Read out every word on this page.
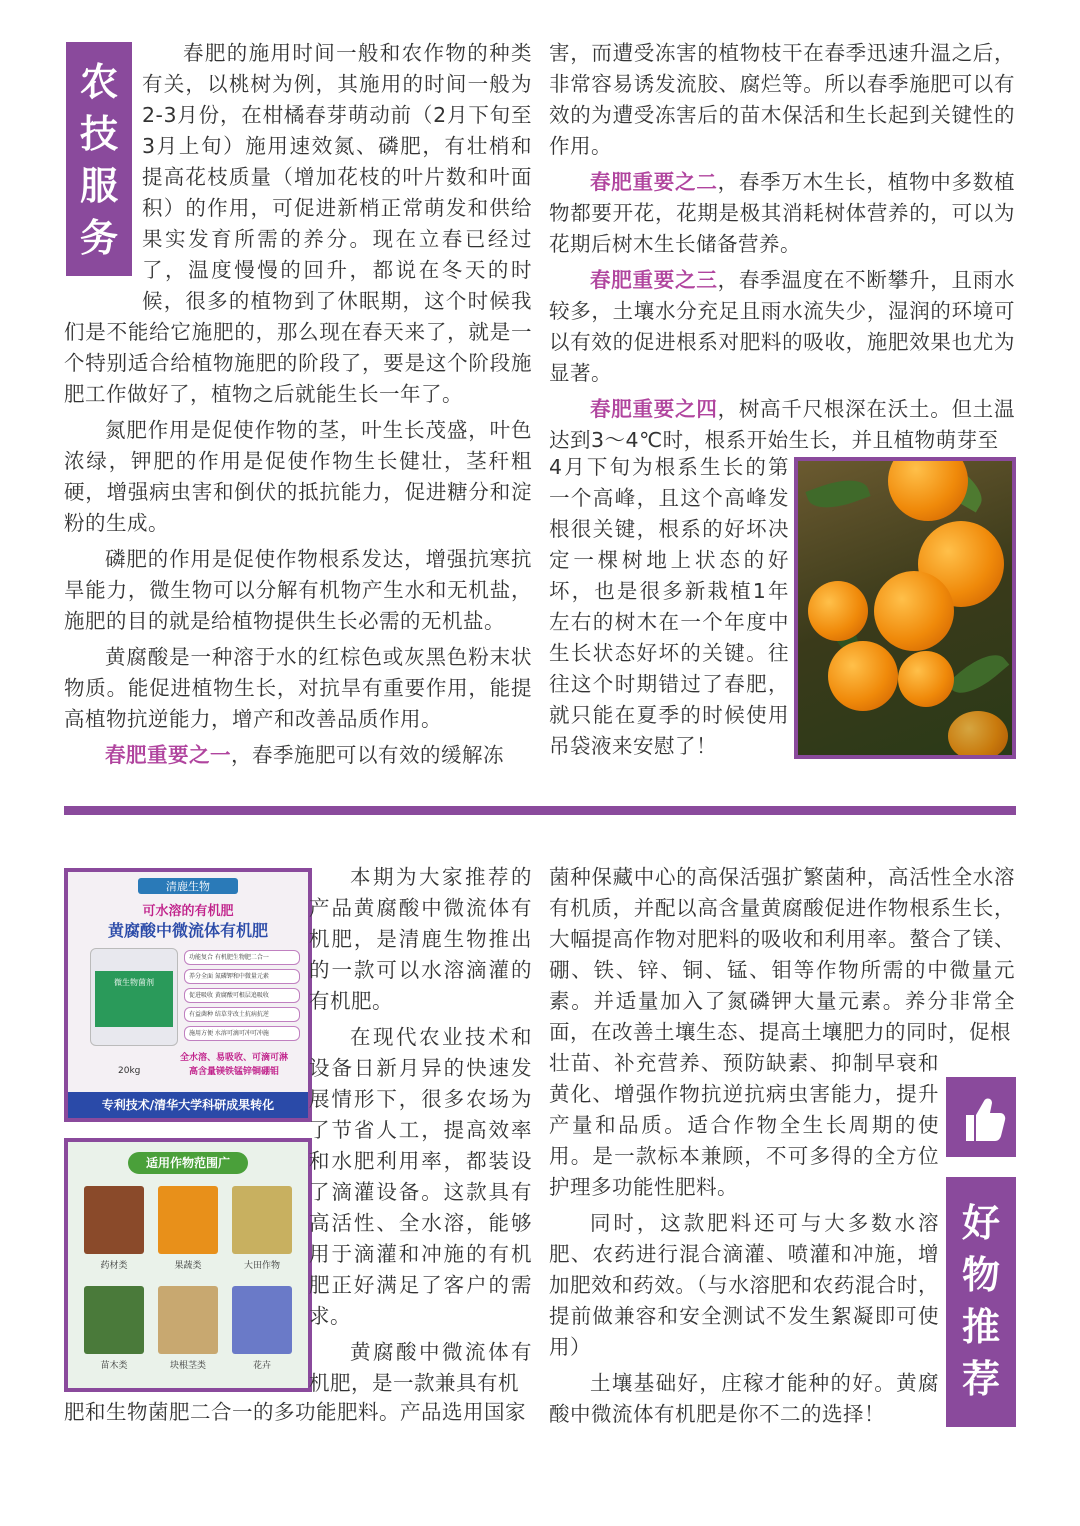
农
技
服
务

春肥的施用时间一般和农作物的种类有关，以桃树为例，其施用的时间一般为2-3月份，在柑橘春芽萌动前（2月下旬至3月上旬）施用速效氮、磷肥，有壮梢和提高花枝质量（增加花枝的叶片数和叶面积）的作用，可促进新梢正常萌发和供给果实发育所需的养分。现在立春已经过了，温度慢慢的回升，都说在冬天的时候，很多的植物到了休眠期，这个时候我们是不能给它施肥的，那么现在春天来了，就是一个特别适合给植物施肥的阶段了，要是这个阶段施肥工作做好了，植物之后就能生长一年了。

氮肥作用是促使作物的茎，叶生长茂盛，叶色浓绿，钾肥的作用是促使作物生长健壮，茎秆粗硬，增强病虫害和倒伏的抵抗能力，促进糖分和淀粉的生成。

磷肥的作用是促使作物根系发达，增强抗寒抗旱能力，微生物可以分解有机物产生水和无机盐，施肥的目的就是给植物提供生长必需的无机盐。

黄腐酸是一种溶于水的红棕色或灰黑色粉末状物质。能促进植物生长，对抗旱有重要作用，能提高植物抗逆能力，增产和改善品质作用。

春肥重要之一，春季施肥可以有效的缓解冻

害，而遭受冻害的植物枝干在春季迅速升温之后，非常容易诱发流胶、腐烂等。所以春季施肥可以有效的为遭受冻害后的苗木保活和生长起到关键性的作用。

春肥重要之二，春季万木生长，植物中多数植物都要开花，花期是极其消耗树体营养的，可以为花期后树木生长储备营养。

春肥重要之三，春季温度在不断攀升，且雨水较多，土壤水分充足且雨水流失少，湿润的环境可以有效的促进根系对肥料的吸收，施肥效果也尤为显著。

春肥重要之四，树高千尺根深在沃土。但土温达到3～4℃时，根系开始生长，并且植物萌芽至

4月下旬为根系生长的第一个高峰，且这个高峰发根很关键，根系的好坏决定一棵树地上状态的好坏，也是很多新栽植1年左右的树木在一个年度中生长状态好坏的关键。往往这个时期错过了春肥，就只能在夏季的时候使用吊袋液来安慰了！

清鹿生物
可水溶的有机肥
黄腐酸中微流体有机肥
微生物菌剂
功能复合 有机肥生物肥二合一
养分全面 氮磷钾和中微量元素
促进吸收 黄腐酸可根层追吸收
有益菌种 结草芽改土抗病抗逆
施用方便 水溶可滴可冲可冲施
全水溶、易吸收、可滴可淋
高含量镁铁锰锌铜硼钼
20kg
专利技术/清华大学科研成果转化
适用作物范围广
药材类	果蔬类	大田作物
苗木类	块根茎类	花卉

本期为大家推荐的产品黄腐酸中微流体有机肥，是清鹿生物推出的一款可以水溶滴灌的有机肥。

在现代农业技术和设备日新月异的快速发展情形下，很多农场为了节省人工，提高效率和水肥利用率，都装设了滴灌设备。这款具有高活性、全水溶，能够用于滴灌和冲施的有机肥正好满足了客户的需求。

黄腐酸中微流体有机肥，是一款兼具有机

肥和生物菌肥二合一的多功能肥料。产品选用国家

菌种保藏中心的高保活强扩繁菌种，高活性全水溶有机质，并配以高含量黄腐酸促进作物根系生长，大幅提高作物对肥料的吸收和利用率。螯合了镁、硼、铁、锌、铜、锰、钼等作物所需的中微量元素。并适量加入了氮磷钾大量元素。养分非常全面，在改善土壤生态、提高土壤肥力的同时，促根

壮苗、补充营养、预防缺素、抑制早衰和黄化、增强作物抗逆抗病虫害能力，提升产量和品质。适合作物全生长周期的使用。是一款标本兼顾，不可多得的全方位护理多功能性肥料。

同时，这款肥料还可与大多数水溶肥、农药进行混合滴灌、喷灌和冲施，增加肥效和药效。（与水溶肥和农药混合时，提前做兼容和安全测试不发生絮凝即可使用）

土壤基础好，庄稼才能种的好。黄腐酸中微流体有机肥是你不二的选择！

好
物
推
荐
